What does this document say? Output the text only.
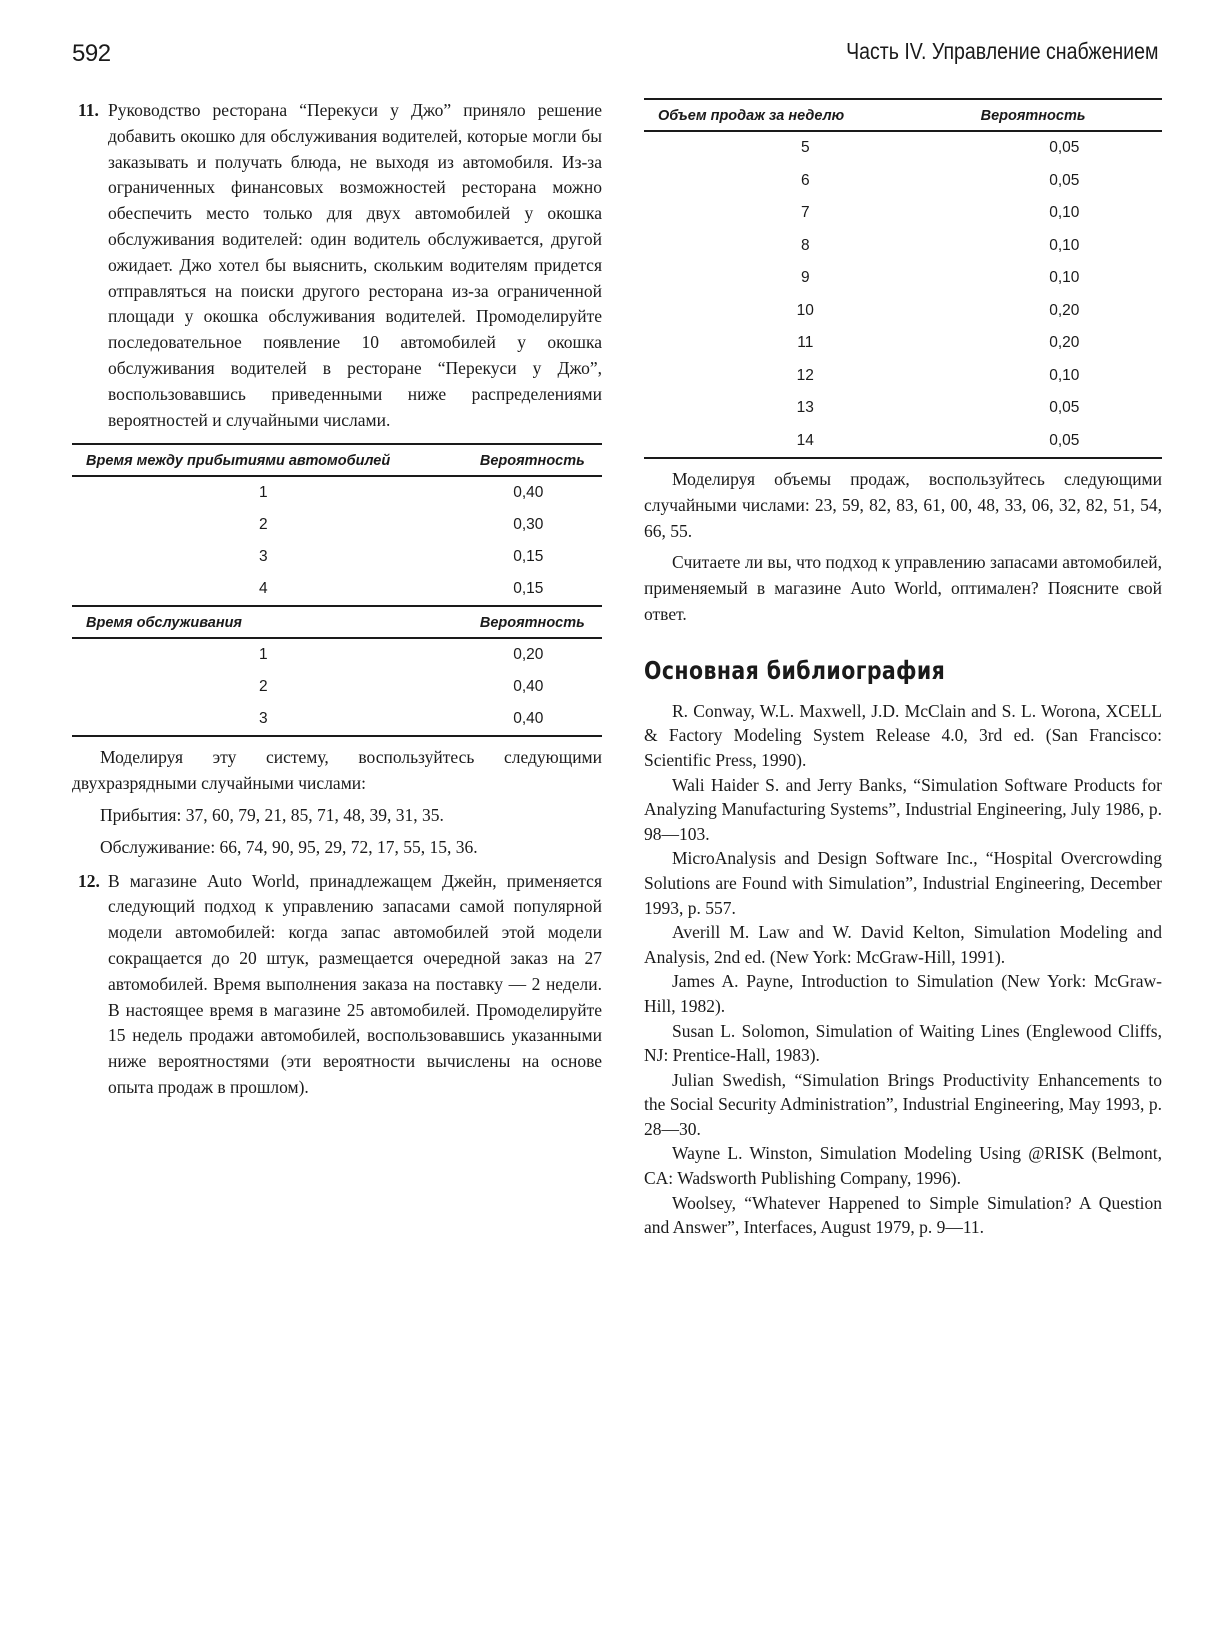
592	Часть IV. Управление снабжением
11. Руководство ресторана “Перекуси у Джо” приняло решение добавить окошко для обслуживания водителей, которые могли бы заказывать и получать блюда, не выходя из автомобиля. Из-за ограниченных финансовых возможностей ресторана можно обеспечить место только для двух автомобилей у окошка обслуживания водителей: один водитель обслуживается, другой ожидает. Джо хотел бы выяснить, скольким водителям придется отправляться на поиски другого ресторана из-за ограниченной площади у окошка обслуживания водителей. Промоделируйте последовательное появление 10 автомобилей у окошка обслуживания водителей в ресторане “Перекуси у Джо”, воспользовавшись приведенными ниже распределениями вероятностей и случайными числами.
Время между прибытиями автомобилей	Вероятность
1	0,40
2	0,30
3	0,15
4	0,15
Время обслуживания	Вероятность
1	0,20
2	0,40
3	0,40

Моделируя эту систему, воспользуйтесь следующими двухразрядными случайными числами:

Прибытия: 37, 60, 79, 21, 85, 71, 48, 39, 31, 35.

Обслуживание: 66, 74, 90, 95, 29, 72, 17, 55, 15, 36.

12. В магазине Auto World, принадлежащем Джейн, применяется следующий подход к управлению запасами самой популярной модели автомобилей: когда запас автомобилей этой модели сокращается до 20 штук, размещается очередной заказ на 27 автомобилей. Время выполнения заказа на поставку — 2 недели. В настоящее время в магазине 25 автомобилей. Промоделируйте 15 недель продажи автомобилей, воспользовавшись указанными ниже вероятностями (эти вероятности вычислены на основе опыта продаж в прошлом).
Объем продаж за неделю	Вероятность
5	0,05
6	0,05
7	0,10
8	0,10
9	0,10
10	0,20
11	0,20
12	0,10
13	0,05
14	0,05

Моделируя объемы продаж, воспользуйтесь следующими случайными числами: 23, 59, 82, 83, 61, 00, 48, 33, 06, 32, 82, 51, 54, 66, 55.

Считаете ли вы, что подход к управлению запасами автомобилей, применяемый в магазине Auto World, оптимален? Поясните свой ответ.

Основная библиография

R. Conway, W.L. Maxwell, J.D. McClain and S. L. Worona, XCELL & Factory Modeling System Release 4.0, 3rd ed. (San Francisco: Scientific Press, 1990).

Wali Haider S. and Jerry Banks, “Simulation Software Products for Analyzing Manufacturing Systems”, Industrial Engineering, July 1986, p. 98—103.

MicroAnalysis and Design Software Inc., “Hospital Overcrowding Solutions are Found with Simulation”, Industrial Engineering, December 1993, p. 557.

Averill M. Law and W. David Kelton, Simulation Modeling and Analysis, 2nd ed. (New York: McGraw-Hill, 1991).

James A. Payne, Introduction to Simulation (New York: McGraw-Hill, 1982).

Susan L. Solomon, Simulation of Waiting Lines (Englewood Cliffs, NJ: Prentice-Hall, 1983).

Julian Swedish, “Simulation Brings Productivity Enhancements to the Social Security Administration”, Industrial Engineering, May 1993, p. 28—30.

Wayne L. Winston, Simulation Modeling Using @RISK (Belmont, CA: Wadsworth Publishing Company, 1996).

Woolsey, “Whatever Happened to Simple Simulation? A Question and Answer”, Interfaces, August 1979, p. 9—11.
